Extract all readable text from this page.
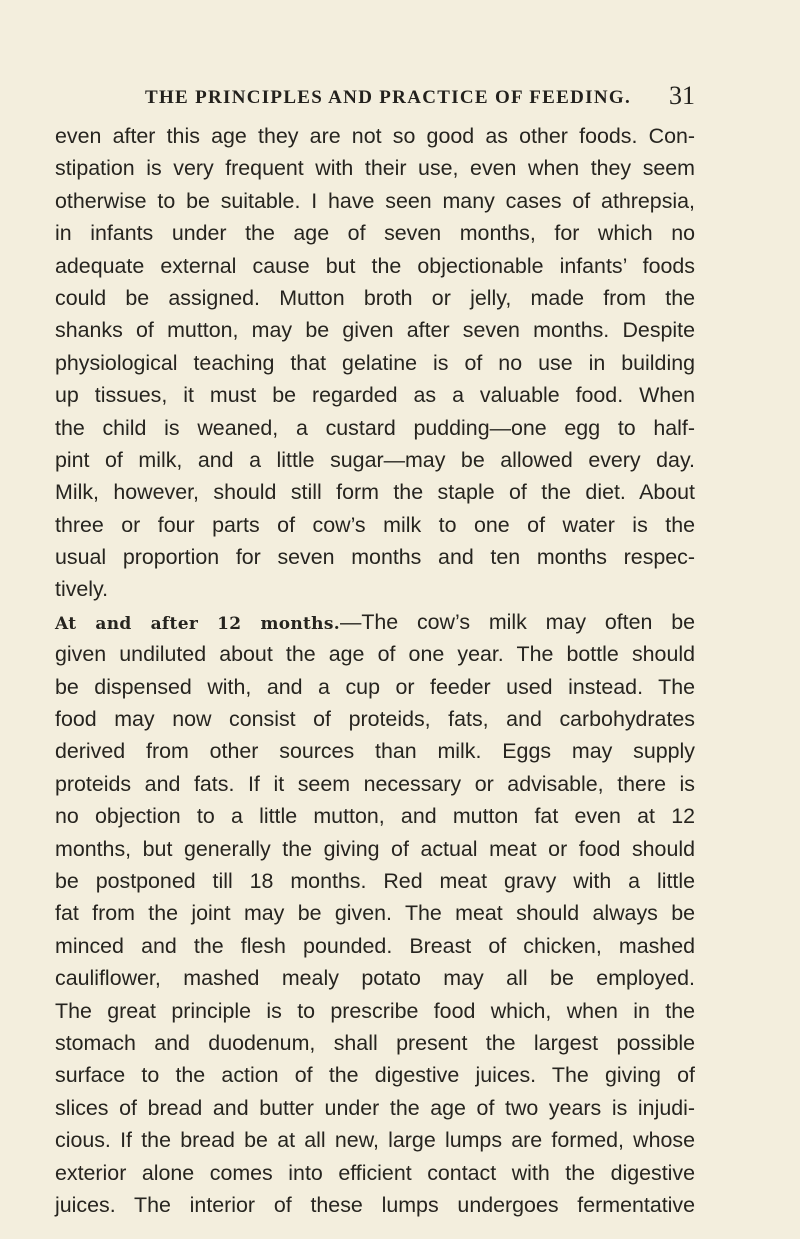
THE PRINCIPLES AND PRACTICE OF FEEDING. 31
even after this age they are not so good as other foods. Con-
stipation is very frequent with their use, even when they seem
otherwise to be suitable. I have seen many cases of athrepsia,
in infants under the age of seven months, for which no
adequate external cause but the objectionable infants’ foods
could be assigned. Mutton broth or jelly, made from the
shanks of mutton, may be given after seven months. Despite
physiological teaching that gelatine is of no use in building
up tissues, it must be regarded as a valuable food. When
the child is weaned, a custard pudding—one egg to half-
pint of milk, and a little sugar—may be allowed every day.
Milk, however, should still form the staple of the diet. About
three or four parts of cow’s milk to one of water is the
usual proportion for seven months and ten months respec-
tively.
At and after 12 months.—The cow’s milk may often be
given undiluted about the age of one year. The bottle should
be dispensed with, and a cup or feeder used instead. The
food may now consist of proteids, fats, and carbohydrates
derived from other sources than milk. Eggs may supply
proteids and fats. If it seem necessary or advisable, there is
no objection to a little mutton, and mutton fat even at 12
months, but generally the giving of actual meat or food should
be postponed till 18 months. Red meat gravy with a little
fat from the joint may be given. The meat should always be
minced and the flesh pounded. Breast of chicken, mashed
cauliflower, mashed mealy potato may all be employed.
The great principle is to prescribe food which, when in the
stomach and duodenum, shall present the largest possible
surface to the action of the digestive juices. The giving of
slices of bread and butter under the age of two years is injudi-
cious. If the bread be at all new, large lumps are formed, whose
exterior alone comes into efficient contact with the digestive
juices. The interior of these lumps undergoes fermentative
